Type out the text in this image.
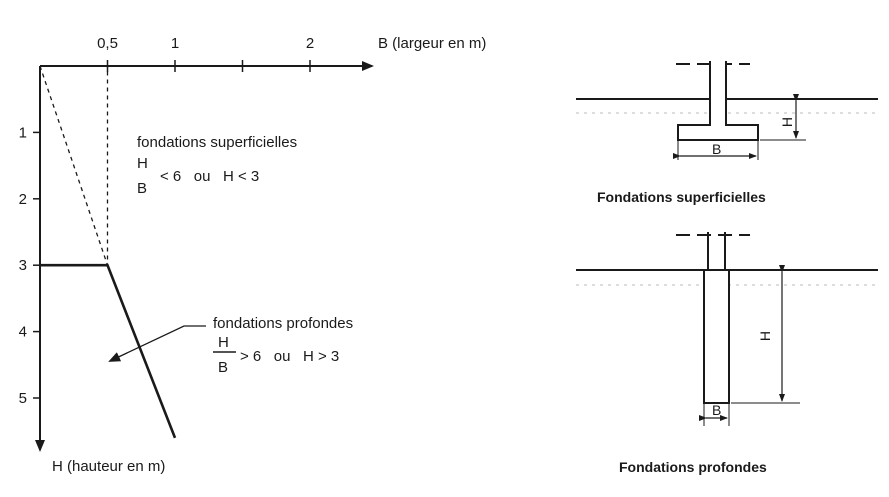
B (largeur en m)
H (hauteur en m)
0,5	1	2
1
2
3
4
5
fondations superficielles
H
B
< 6   ou   H < 3
fondations profondes
H
B
> 6   ou   H > 3
B
H
Fondations superficielles
B
H
Fondations profondes
